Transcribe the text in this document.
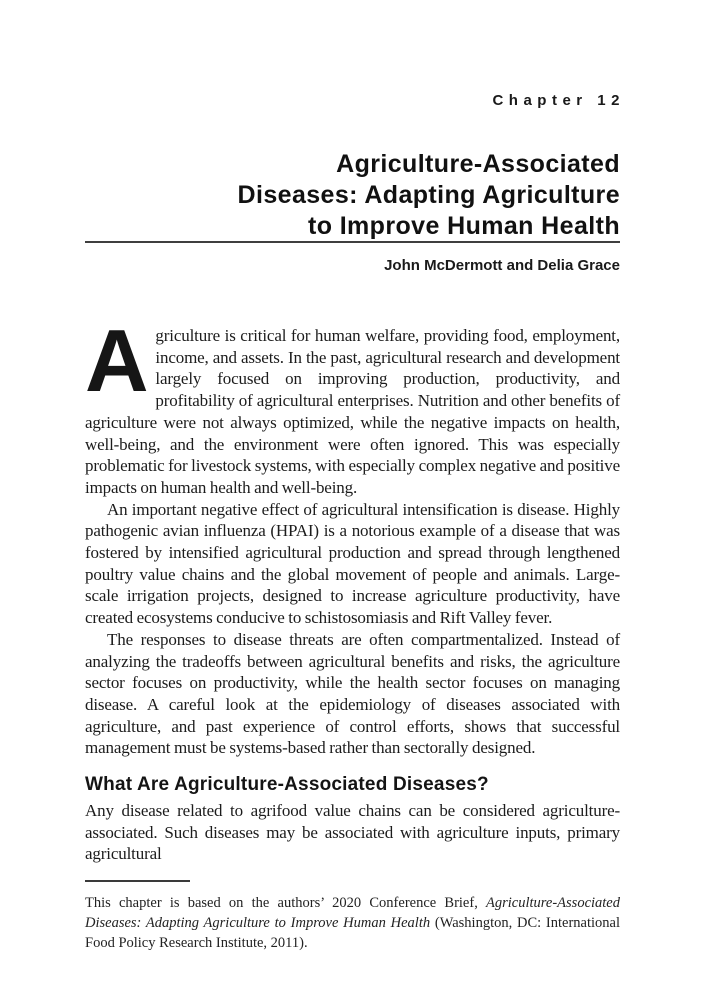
Chapter 12
Agriculture-Associated
Diseases: Adapting Agriculture
to Improve Human Health
John McDermott and Delia Grace

Agriculture is critical for human welfare, providing food, employment, income, and assets. In the past, agricultural research and development largely focused on improving production, productivity, and profitability of agricultural enterprises. Nutrition and other benefits of agriculture were not always optimized, while the negative impacts on health, well-being, and the environment were often ignored. This was especially problematic for livestock systems, with especially complex negative and positive impacts on human health and well-being.

An important negative effect of agricultural intensification is disease. Highly pathogenic avian influenza (HPAI) is a notorious example of a disease that was fostered by intensified agricultural production and spread through lengthened poultry value chains and the global movement of people and animals. Large-scale irrigation projects, designed to increase agriculture productivity, have created ecosystems conducive to schistosomiasis and Rift Valley fever.

The responses to disease threats are often compartmentalized. Instead of analyzing the tradeoffs between agricultural benefits and risks, the agriculture sector focuses on productivity, while the health sector focuses on managing disease. A careful look at the epidemiology of diseases associated with agriculture, and past experience of control efforts, shows that successful management must be systems-based rather than sectorally designed.

What Are Agriculture-Associated Diseases?

Any disease related to agrifood value chains can be considered agriculture-associated. Such diseases may be associated with agriculture inputs, primary agricultural

This chapter is based on the authors’ 2020 Conference Brief, Agriculture-Associated Diseases: Adapting Agriculture to Improve Human Health (Washington, DC: International Food Policy Research Institute, 2011).
